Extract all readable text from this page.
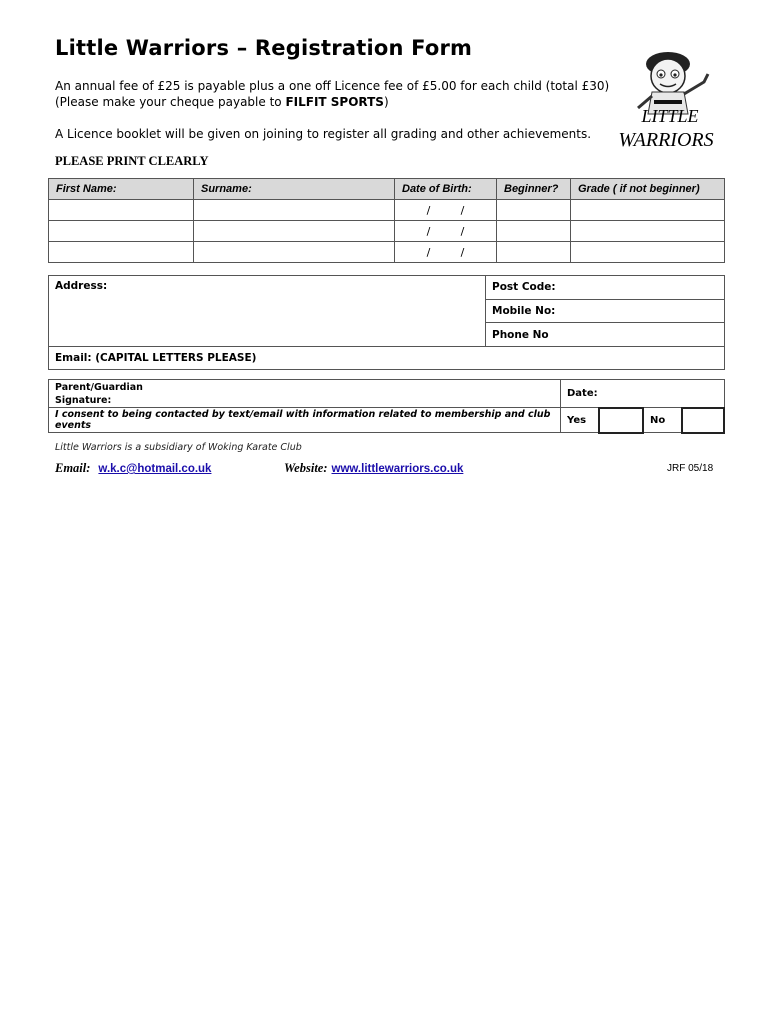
Little Warriors – Registration Form
An annual fee of £25 is payable plus a one off Licence fee of £5.00 for each child (total £30)
(Please make your cheque payable to FILFIT SPORTS)
A Licence booklet will be given on joining to register all grading and other achievements.
PLEASE PRINT CLEARLY
LITTLE
WARRIORS
First Name:	Surname:	Date of Birth:	Beginner?	Grade ( if not beginner)
		/ /		
		/ /		
		/ /		
Address:	Post Code:
Mobile No:
Phone No
Email: (CAPITAL LETTERS PLEASE)
Parent/Guardian
Signature:	Date:			
I consent to being contacted by text/email with information related to membership and club events	Yes		No	
Little Warriors is a subsidiary of Woking Karate Club
Email: w.k.c@hotmail.co.uk	Website: www.littlewarriors.co.uk	JRF 05/18
